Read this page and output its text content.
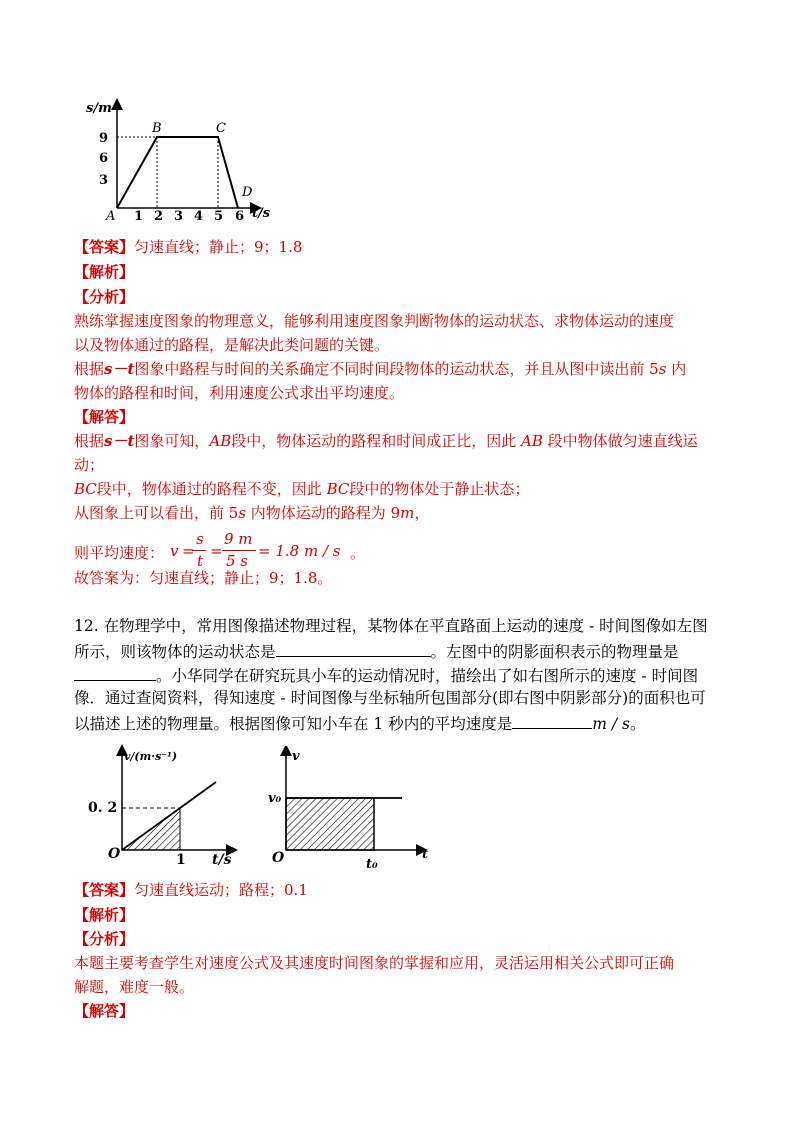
s/m
9
6
3
1 2 3 4 5 6 t/s
A
B	C
D
【答案】匀速直线；静止；9；1.8
【解析】
【分析】
熟练掌握速度图象的物理意义，能够利用速度图象判断物体的运动状态、求物体运动的速度
以及物体通过的路程，是解决此类问题的关键。
根据s－t图象中路程与时间的关系确定不同时间段物体的运动状态，并且从图中读出前 5s 内
物体的路程和时间，利用速度公式求出平均速度。
【解答】
根据s－t图象可知，AB段中，物体运动的路程和时间成正比，因此 AB 段中物体做匀速直线运
动；
BC段中，物体通过的路程不变，因此 BC段中的物体处于静止状态；
从图象上可以看出，前 5s 内物体运动的路程为 9m，
则平均速度： v =
s
t
=
9 m
5 s
= 1.8 m / s 。
故答案为：匀速直线；静止；9；1.8。
12. 在物理学中，常用图像描述物理过程，某物体在平直路面上运动的速度 - 时间图像如左图
所示，则该物体的运动状态是	。左图中的阴影面积表示的物理量是
。小华同学在研究玩具小车的运动情况时，描绘出了如右图所示的速度 - 时间图
像．通过查阅资料，得知速度 - 时间图像与坐标轴所包围部分(即右图中阴影部分)的面积也可
以描述上述的物理量。根据图像可知小车在 1 秒内的平均速度是	m / s。
v/(m·s⁻¹)
0. 2
O	1 t/s
v
t
v₀
t₀
O
【答案】匀速直线运动；路程；0.1
【解析】
【分析】
本题主要考查学生对速度公式及其速度时间图象的掌握和应用，灵活运用相关公式即可正确
解题，难度一般。
【解答】
